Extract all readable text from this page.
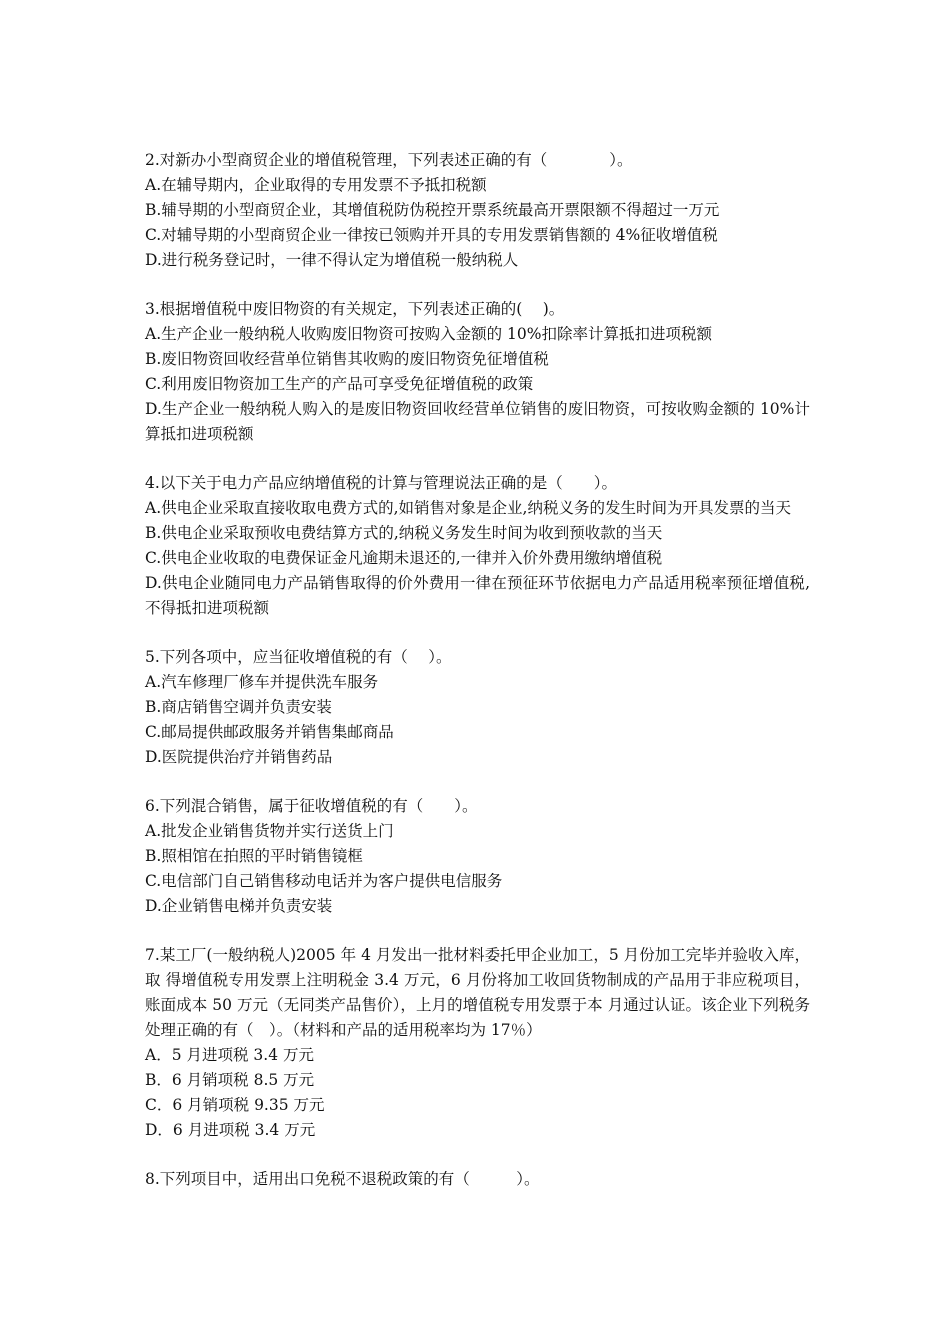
2.对新办小型商贸企业的增值税管理，下列表述正确的有（　　　　）。
A.在辅导期内，企业取得的专用发票不予抵扣税额
B.辅导期的小型商贸企业，其增值税防伪税控开票系统最高开票限额不得超过一万元
C.对辅导期的小型商贸企业一律按已领购并开具的专用发票销售额的 4%征收增值税
D.进行税务登记时，一律不得认定为增值税一般纳税人
3.根据增值税中废旧物资的有关规定，下列表述正确的(　 )。
A.生产企业一般纳税人收购废旧物资可按购入金额的 10%扣除率计算抵扣进项税额
B.废旧物资回收经营单位销售其收购的废旧物资免征增值税
C.利用废旧物资加工生产的产品可享受免征增值税的政策
D.生产企业一般纳税人购入的是废旧物资回收经营单位销售的废旧物资，可按收购金额的 10%计算抵扣进项税额
4.以下关于电力产品应纳增值税的计算与管理说法正确的是（　　）。
A.供电企业采取直接收取电费方式的,如销售对象是企业,纳税义务的发生时间为开具发票的当天
B.供电企业采取预收电费结算方式的,纳税义务发生时间为收到预收款的当天
C.供电企业收取的电费保证金凡逾期未退还的,一律并入价外费用缴纳增值税
D.供电企业随同电力产品销售取得的价外费用一律在预征环节依据电力产品适用税率预征增值税,不得抵扣进项税额
5.下列各项中，应当征收增值税的有（　 ）。
A.汽车修理厂修车并提供洗车服务
B.商店销售空调并负责安装
C.邮局提供邮政服务并销售集邮商品
D.医院提供治疗并销售药品
6.下列混合销售，属于征收增值税的有（　　）。
A.批发企业销售货物并实行送货上门
B.照相馆在拍照的平时销售镜框
C.电信部门自己销售移动电话并为客户提供电信服务
D.企业销售电梯并负责安装
7.某工厂(一般纳税人)2005 年 4 月发出一批材料委托甲企业加工，5 月份加工完毕并验收入库，取 得增值税专用发票上注明税金 3.4 万元，6 月份将加工收回货物制成的产品用于非应税项目，账面成本 50 万元（无同类产品售价），上月的增值税专用发票于本 月通过认证。该企业下列税务处理正确的有（　）。（材料和产品的适用税率均为 17％）
A．5 月进项税 3.4 万元
B．6 月销项税 8.5 万元
C．6 月销项税 9.35 万元
D．6 月进项税 3.4 万元
8.下列项目中，适用出口免税不退税政策的有（　　　）。
